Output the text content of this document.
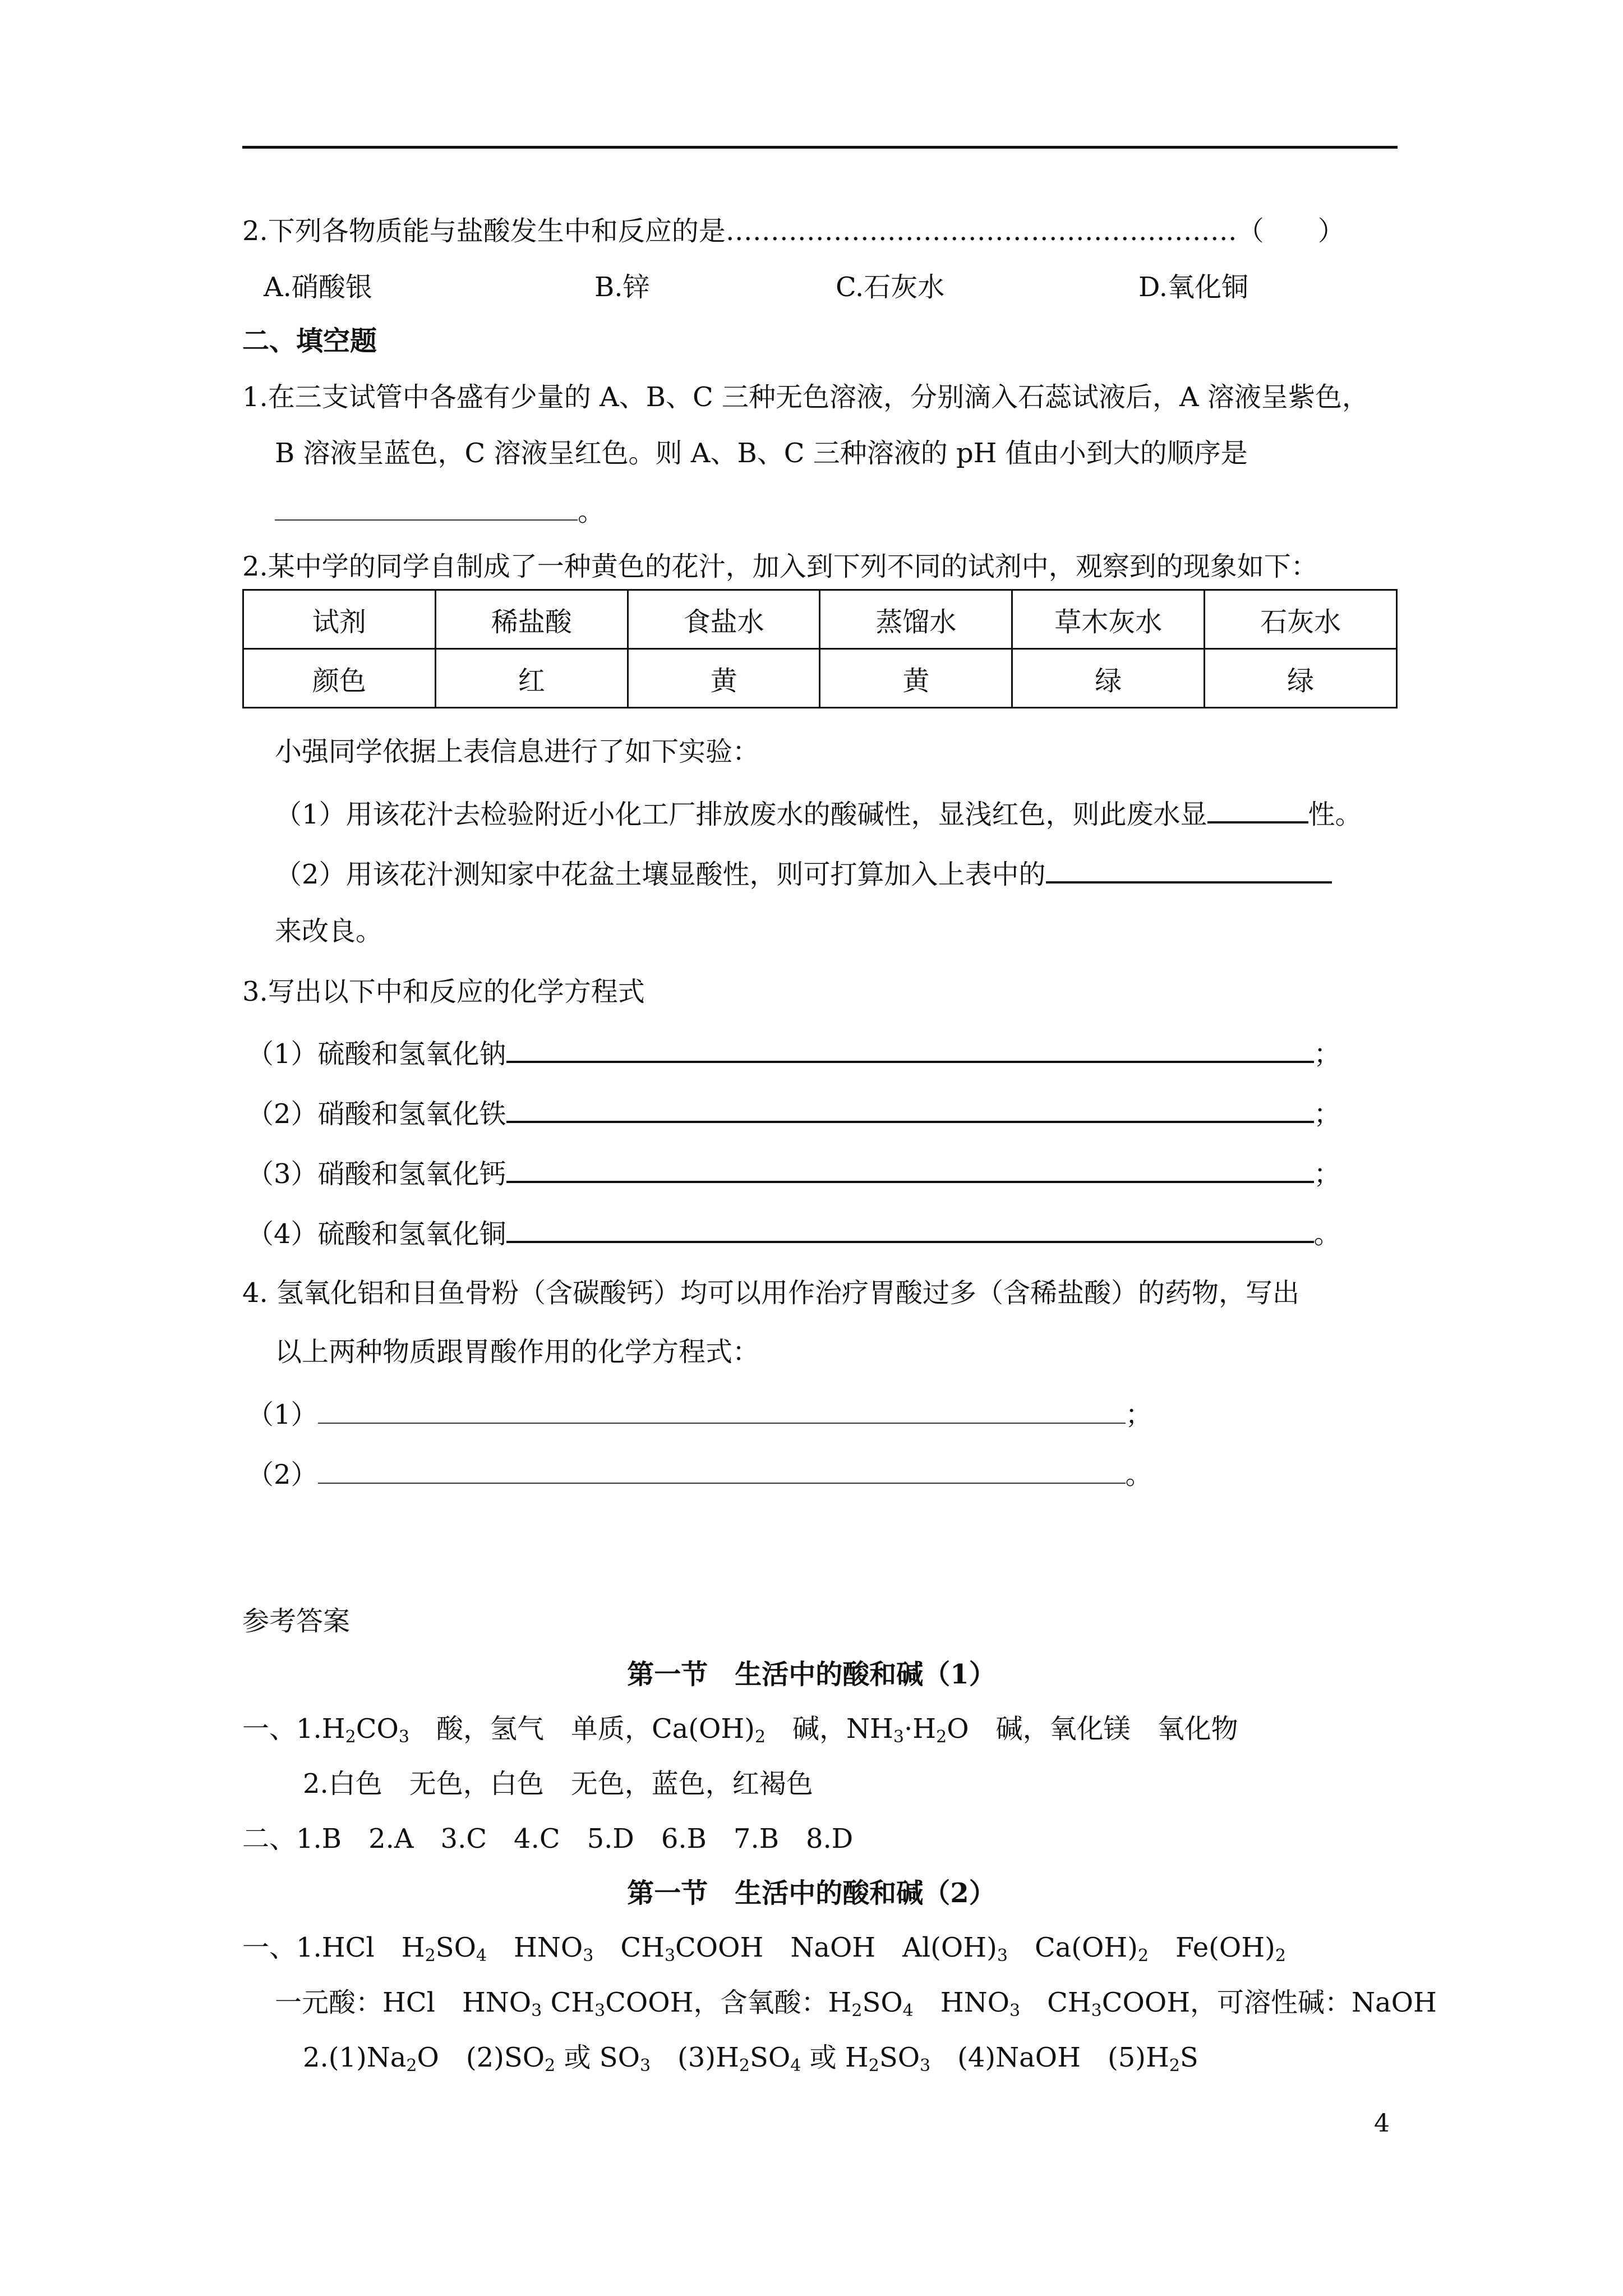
2.下列各物质能与盐酸发生中和反应的是…………………………………………………（　　）
A.硝酸银	B.锌	C.石灰水	D.氧化铜
二、填空题
1.在三支试管中各盛有少量的 A、B、C 三种无色溶液，分别滴入石蕊试液后，A 溶液呈紫色，
B 溶液呈蓝色，C 溶液呈红色。则 A、B、C 三种溶液的 pH 值由小到大的顺序是
。
2.某中学的同学自制成了一种黄色的花汁，加入到下列不同的试剂中，观察到的现象如下：
试剂	稀盐酸	食盐水	蒸馏水	草木灰水	石灰水
颜色	红	黄	黄	绿	绿
小强同学依据上表信息进行了如下实验：
（1）用该花汁去检验附近小化工厂排放废水的酸碱性，显浅红色，则此废水显	性。
（2）用该花汁测知家中花盆土壤显酸性，则可打算加入上表中的
来改良。
3.写出以下中和反应的化学方程式
（1）硫酸和氢氧化钠	；
（2）硝酸和氢氧化铁	；
（3）硝酸和氢氧化钙	；
（4）硫酸和氢氧化铜	。
4. 氢氧化铝和目鱼骨粉（含碳酸钙）均可以用作治疗胃酸过多（含稀盐酸）的药物，写出
以上两种物质跟胃酸作用的化学方程式：
（1）	；
（2）	。
参考答案
第一节　生活中的酸和碱（1）
一、$1.H_2CO_3$　酸，氢气　单质，$Ca(OH)_2$　碱，$NH_3\cdot H_2O$　碱，氧化镁　氧化物
2.白色　无色，白色　无色，蓝色，红褐色
二、1.B　2.A　3.C　4.C　5.D　6.B　7.B　8.D
第一节　生活中的酸和碱（2）
一、1.HCl　$H_2SO_4$　$HNO_3$　$CH_3COOH$　NaOH　$Al(OH)_3$　$Ca(OH)_2$　$Fe(OH)_2$
一元酸：HCl　$HNO_3$ $CH_3COOH$，含氧酸：$H_2SO_4$　$HNO_3$　$CH_3COOH$，可溶性碱：NaOH
$2.(1)Na_2O$　$(2)SO_2$ 或 $SO_3$　$(3)H_2SO_4$ 或 $H_2SO_3$　(4)NaOH　$(5)H_2S$
4
